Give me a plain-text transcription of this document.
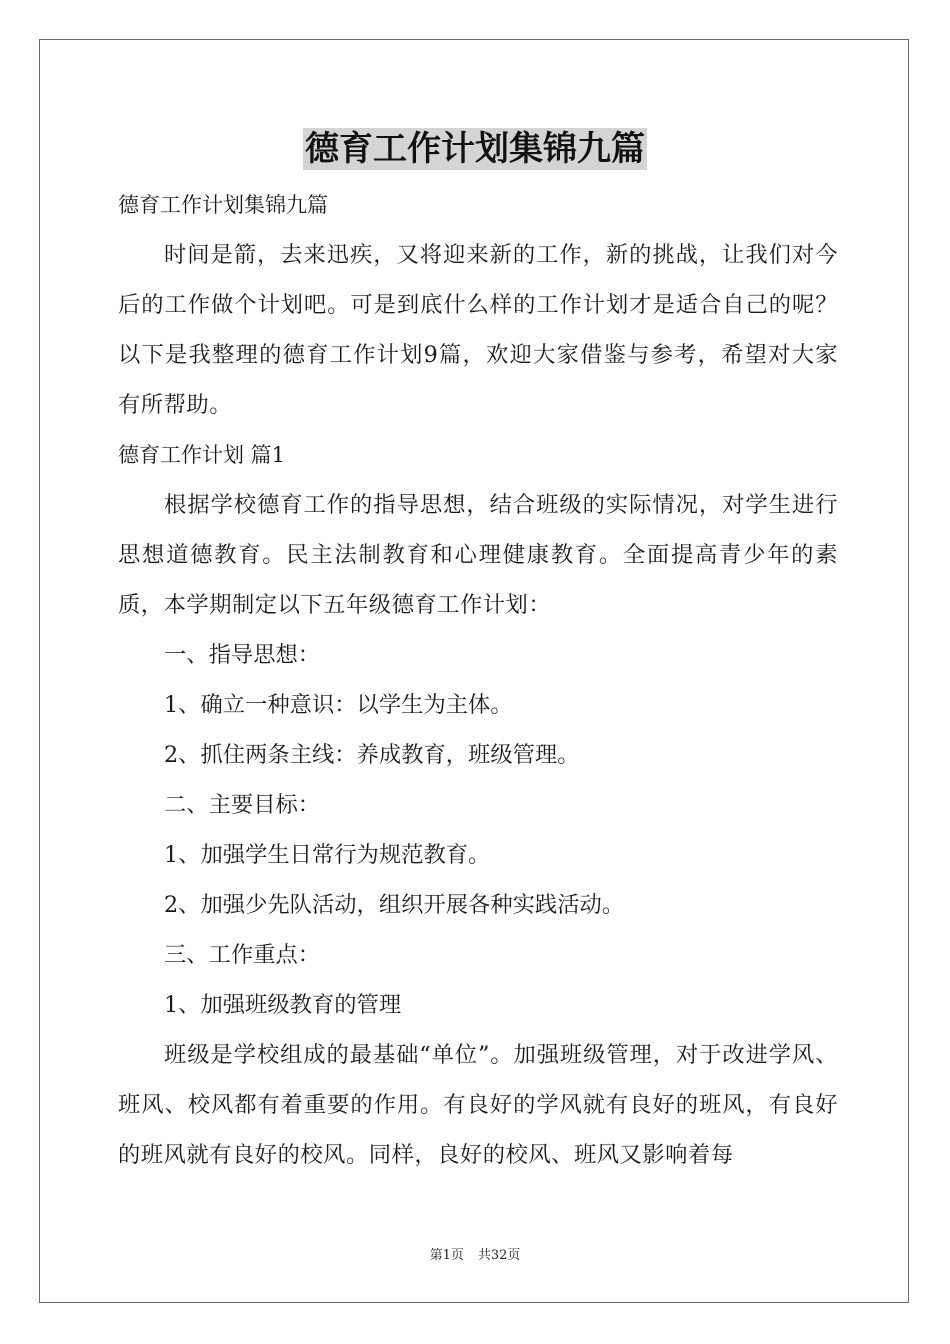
德育工作计划集锦九篇

德育工作计划集锦九篇

时间是箭，去来迅疾，又将迎来新的工作，新的挑战，让我们对今后的工作做个计划吧。可是到底什么样的工作计划才是适合自己的呢？以下是我整理的德育工作计划9篇，欢迎大家借鉴与参考，希望对大家有所帮助。

德育工作计划 篇1

根据学校德育工作的指导思想，结合班级的实际情况，对学生进行思想道德教育。民主法制教育和心理健康教育。全面提高青少年的素质，本学期制定以下五年级德育工作计划：

一、指导思想：

1、确立一种意识：以学生为主体。

2、抓住两条主线：养成教育，班级管理。

二、主要目标：

1、加强学生日常行为规范教育。

2、加强少先队活动，组织开展各种实践活动。

三、工作重点：

1、加强班级教育的管理

班级是学校组成的最基础“单位”。加强班级管理，对于改进学风、班风、校风都有着重要的作用。有良好的学风就有良好的班风，有良好的班风就有良好的校风。同样，良好的校风、班风又影响着每

第1页 共32页
